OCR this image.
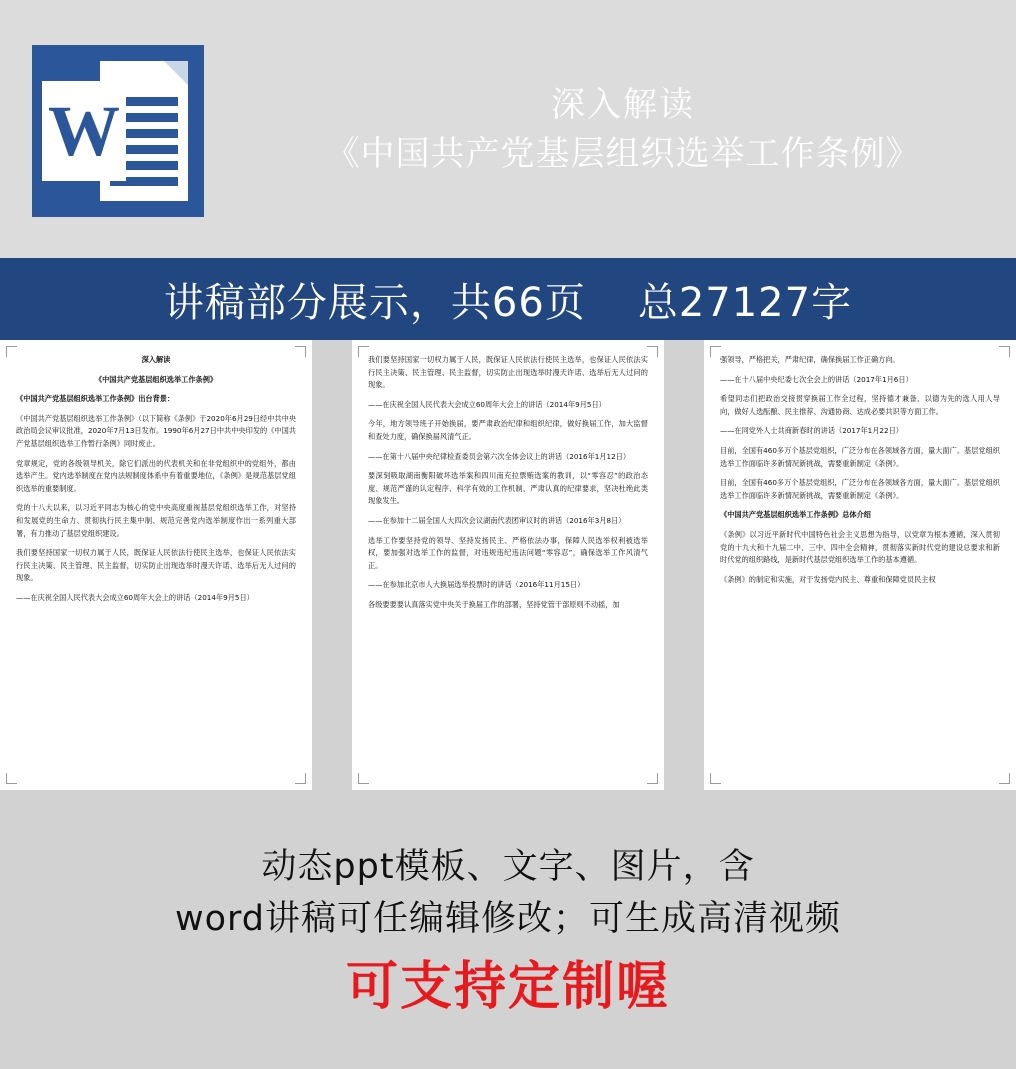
W	深入解读
《中国共产党基层组织选举工作条例》
讲稿部分展示，共66页 总27127字

深入解读

《中国共产党基层组织选举工作条例》

《中国共产党基层组织选举工作条例》出台背景：

《中国共产党基层组织选举工作条例》（以下简称《条例》于2020年6月29日经中共中央政治局会议审议批准，2020年7月13日发布。1990年6月27日中共中央印发的《中国共产党基层组织选举工作暂行条例》同时废止。

党章规定，党的各级领导机关，除它们派出的代表机关和在非党组织中的党组外，都由选举产生。党内选举制度在党内法规制度体系中有着重要地位，《条例》是规范基层党组织选举的重要制度。

党的十八大以来，以习近平同志为核心的党中央高度重视基层党组织选举工作，对坚持和发展党的生命力、贯彻执行民主集中制、规范完善党内选举制度作出一系列重大部署，有力推动了基层党组织建设。

我们要坚持国家一切权力属于人民，既保证人民依法行使民主选举，也保证人民依法实行民主决策、民主管理、民主监督，切实防止出现选举时漫天许诺、选举后无人过问的现象。

——在庆祝全国人民代表大会成立60周年大会上的讲话（2014年9月5日）

我们要坚持国家一切权力属于人民，既保证人民依法行使民主选举，也保证人民依法实行民主决策、民主管理、民主监督，切实防止出现选举时漫天许诺、选举后无人过问的现象。

——在庆祝全国人民代表大会成立60周年大会上的讲话（2014年9月5日）

今年，地方领导班子开始换届，要严肃政治纪律和组织纪律，做好换届工作，加大监督和查处力度，确保换届风清气正。

——在第十八届中央纪律检查委员会第六次全体会议上的讲话（2016年1月12日）

要深刻吸取湖南衡阳破坏选举案和四川南充拉票贿选案的教训，以“零容忍”的政治态度、规范严谨的认定程序、科学有效的工作机制、严肃认真的纪律要求，坚决杜绝此类现象发生。

——在参加十二届全国人大四次会议湖南代表团审议时的讲话（2016年3月8日）

选举工作要坚持党的领导、坚持发扬民主、严格依法办事，保障人民选举权利被选举权，要加强对选举工作的监督，对违规违纪违法问题“零容忍”，确保选举工作风清气正。

——在参加北京市人大换届选举投票时的讲话（2016年11月15日）

各级要要要认真落实党中央关于换届工作的部署，坚持党管干部原则不动摇，加

强领导，严格把关，严肃纪律，确保换届工作正确方向。

——在十八届中央纪委七次全会上的讲话（2017年1月6日）

希望同志们把政治交接贯穿换届工作全过程，坚持德才兼备、以德为先的选人用人导向，做好人选酝酿、民主推荐、沟通协商、达成必要共识等方面工作。

——在同党外人士共商新春时的讲话（2017年1月22日）

目前，全国有460多万个基层党组织，广泛分布在各领域各方面，量大面广。基层党组织选举工作面临许多新情况新挑战，需要重新制定《条例》。

目前，全国有460多万个基层党组织，广泛分布在各领域各方面，量大面广。基层党组织选举工作面临许多新情况新挑战，需要重新制定《条例》。

《中国共产党基层组织选举工作条例》总体介绍

《条例》以习近平新时代中国特色社会主义思想为指导，以党章为根本遵循，深入贯彻党的十九大和十九届二中、三中、四中全会精神，贯彻落实新时代党的建设总要求和新时代党的组织路线，是新时代基层党组织选举工作的基本遵循。

《条例》的制定和实施，对于发扬党内民主、尊重和保障党员民主权

动态ppt模板、文字、图片，含
word讲稿可任编辑修改；可生成高清视频
可支持定制喔
